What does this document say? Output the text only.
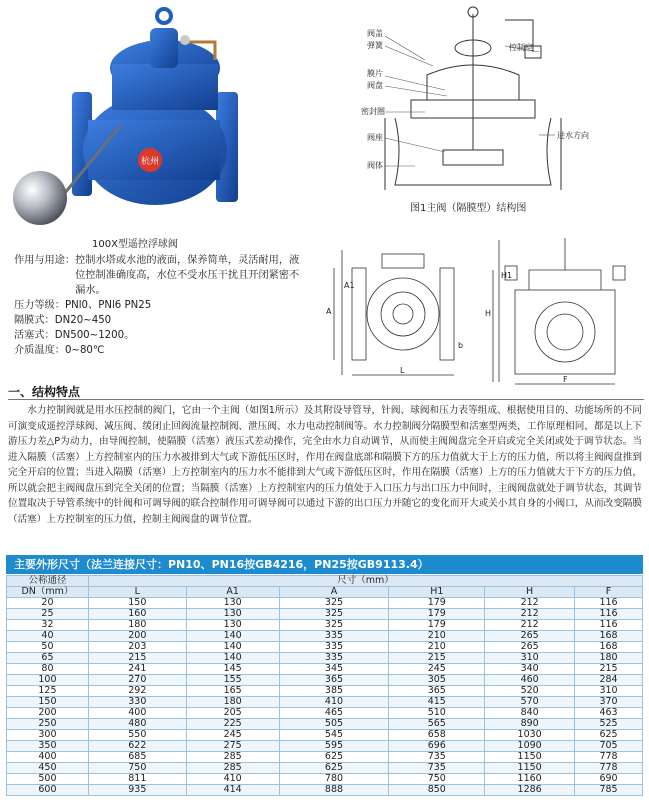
杭州
100X型遥控浮球阀
作用与用途： 控制水塔或水池的液面，保养简单，灵活耐用，液位控制准确度高，水位不受水压干扰且开闭紧密不漏水。
压力等级： PNl0、PNl6 PN25
隔膜式： DN20~450
活塞式： DN500~1200。
介质温度： 0~80℃
阀盖
弹簧	控制室
膜片
阀盘
密封圈
阀座	进水方向
阀体
图1主阀（隔膜型）结构图
A
A1
L
b
H1
H
F
一、结构特点
水力控制阀就是用水压控制的阀门，它由一个主阀（如图1所示）及其附设导管导，针阀、球阀和压力表等组成、根据使用目的、功能场所的不同可演变成遥控浮球阀、减压阀、缓闭止回阀流量控制阀、泄压阀、水力电动控制阀等。水力控制阀分隔膜型和活塞型两类，工作原理相同，都是以上下游压力差△P为动力，由导阀控制，使隔膜（活塞）液压式差动操作，完全由水力自动调节，从而使主阀阀盘完全开启或完全关闭或处于调节状态。当进入隔膜（活塞）上方控制室内的压力水被排到大气或下游低压区时，作用在阀盘底部和隔膜下方的压力值就大于上方的压力值，所以将主阀阀盘推到完全开启的位置；当进入隔膜（活塞）上方控制室内的压力水不能排到大气或下游低压区时，作用在隔膜（活塞）上方的压力值就大于下方的压力值，所以就会把主阀阀盘压到完全关闭的位置；当隔膜（活塞）上方控制室内的压力值处于入口压力与出口压力中间时，主阀阀盘就处于调节状态，其调节位置取决于导管系统中的针阀和可调导阀的联合控制作用可调导阀可以通过下游的出口压力并随它的变化而开大或关小其自身的小阀口，从而改变隔膜（活塞）上方控制室的压力值，控制主阀阀盘的调节位置。
主要外形尺寸（法兰连接尺寸：PN10、PN16按GB4216，PN25按GB9113.4）
公称通径	尺寸（mm）					
DN（mm）	L	A1	A	H1	H	F
20	150	130	325	179	212	116
25	160	130	325	179	212	116
32	180	130	325	179	212	116
40	200	140	335	210	265	168
50	203	140	335	210	265	168
65	215	140	335	215	310	180
80	241	145	345	245	340	215
100	270	155	365	305	460	284
125	292	165	385	365	520	310
150	330	180	410	415	570	370
200	400	205	465	510	840	463
250	480	225	505	565	890	525
300	550	245	545	658	1030	625
350	622	275	595	696	1090	705
400	685	285	625	735	1150	778
450	750	285	625	735	1150	778
500	811	410	780	750	1160	690
600	935	414	888	850	1286	785
